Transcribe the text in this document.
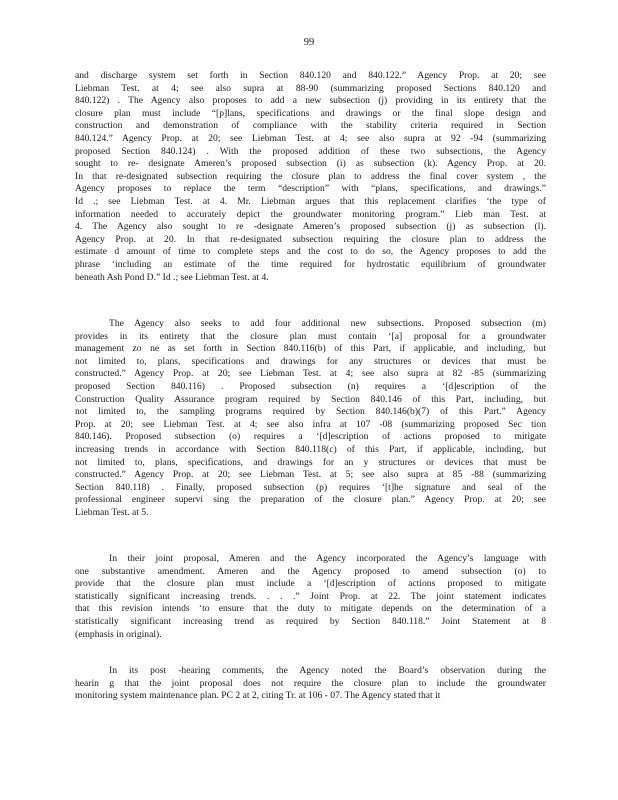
99
and discharge system set forth in Section 840.120 and 840.122.” Agency Prop. at 20; see
Liebman Test. at 4; see also supra at 88-90 (summarizing proposed Sections 840.120 and
840.122) . The Agency also proposes to add a new subsection (j) providing in its entirety that the
closure plan must include “[p]lans, specifications and drawings or the final slope design and
construction and demonstration of compliance with the stability criteria required in Section
840.124.” Agency Prop. at 20; see Liebman Test. at 4; see also supra at 92 -94 (summarizing
proposed Section 840.124) . With the proposed addition of these two subsections, the Agency
sought to re- designate Ameren’s proposed subsection (i) as subsection (k). Agency Prop. at 20.
In that re-designated subsection requiring the closure plan to address the final cover system , the
Agency proposes to replace the term “description” with “plans, specifications, and drawings.”
Id .; see Liebman Test. at 4. Mr. Liebman argues that this replacement clarifies ‘the type of
information needed to accurately depict the groundwater monitoring program.” Lieb man Test. at
4. The Agency also sought to re -designate Ameren’s proposed subsection (j) as subsection (l).
Agency Prop. at 20. In that re-designated subsection requiring the closure plan to address the
estimate d amount of time to complete steps and the cost to do so, the Agency proposes to add the
phrase ‘including an estimate of the time required for hydrostatic equilibrium of groundwater
beneath Ash Pond D.” Id .; see Liebman Test. at 4.
The Agency also seeks to add four additional new subsections. Proposed subsection (m)
provides in its entirety that the closure plan must contain ‘[a] proposal for a groundwater
management zo ne as set forth in Section 840.116(b) of this Part, if applicable, and including, but
not limited to, plans, specifications and drawings for any structures or devices that must be
constructed.” Agency Prop. at 20; see Liebman Test. at 4; see also supra at 82 -85 (summarizing
proposed Section 840.116) . Proposed subsection (n) requires a ‘[d]escription of the
Construction Quality Assurance program required by Section 840.146 of this Part, including, but
not limited to, the sampling programs required by Section 840.146(b)(7) of this Part.” Agency
Prop. at 20; see Liebman Test. at 4; see also infra at 107 -08 (summarizing proposed Sec tion
840.146). Proposed subsection (o) requires a ‘[d]escription of actions proposed to mitigate
increasing trends in accordance with Section 840.118(c) of this Part, if applicable, including, but
not limited to, plans, specifications, and drawings for an y structures or devices that must be
constructed.” Agency Prop. at 20; see Liebman Test. at 5; see also supra at 85 -88 (summarizing
Section 840.118) . Finally, proposed subsection (p) requires ‘[t]he signature and seal of the
professional engineer supervi sing the preparation of the closure plan.” Agency Prop. at 20; see
Liebman Test. at 5.
In their joint proposal, Ameren and the Agency incorporated the Agency’s language with
one substantive amendment. Ameren and the Agency proposed to amend subsection (o) to
provide that the closure plan must include a ‘[d]escription of actions proposed to mitigate
statistically significant increasing trends. . . .” Joint Prop. at 22. The joint statement indicates
that this revision intends ‘to ensure that the duty to mitigate depends on the determination of a
statistically significant increasing trend as required by Section 840.118.” Joint Statement at 8
(emphasis in original).
In its post -hearing comments, the Agency noted the Board’s observation during the
hearin g that the joint proposal does not require the closure plan to include the groundwater
monitoring system maintenance plan. PC 2 at 2, citing Tr. at 106 - 07. The Agency stated that it
